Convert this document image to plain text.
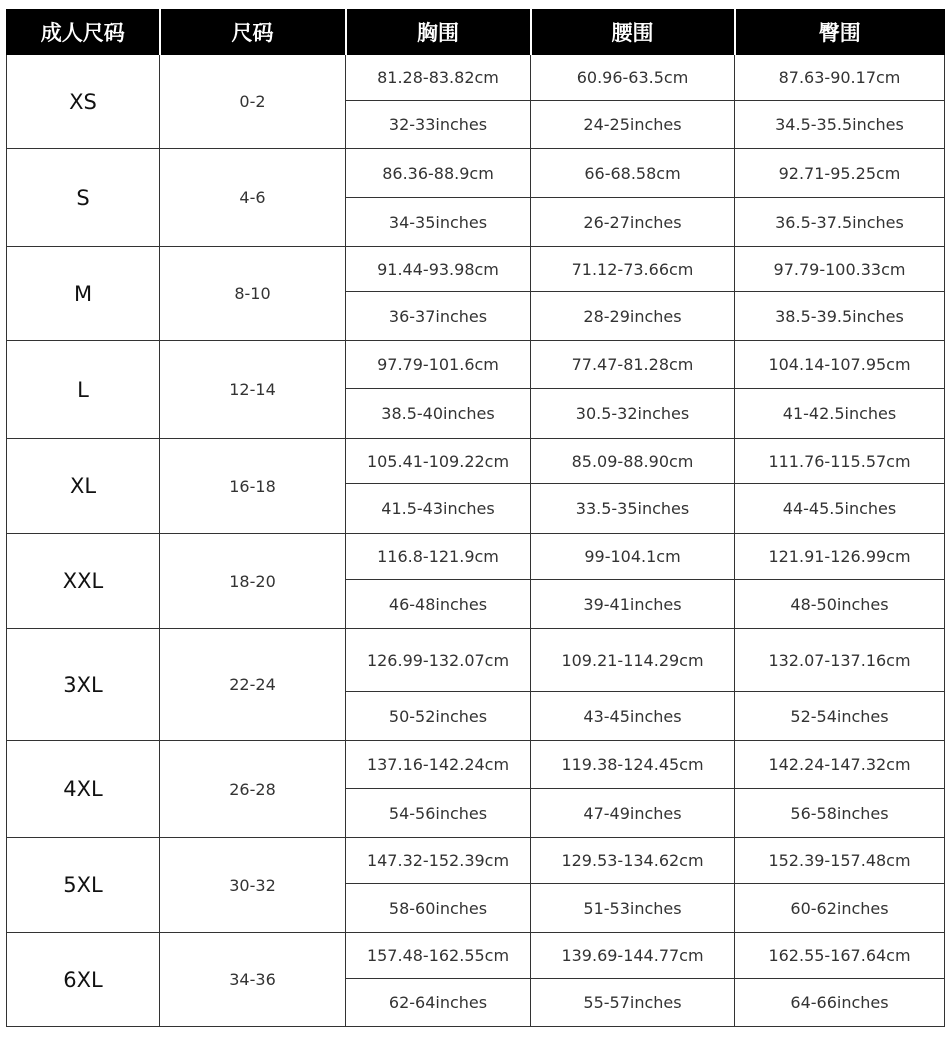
成人尺码	尺码	胸围	腰围	臀围
XS	0-2	81.28-83.82cm	60.96-63.5cm	87.63-90.17cm
		32-33inches	24-25inches	34.5-35.5inches
S	4-6	86.36-88.9cm	66-68.58cm	92.71-95.25cm
		34-35inches	26-27inches	36.5-37.5inches
M	8-10	91.44-93.98cm	71.12-73.66cm	97.79-100.33cm
		36-37inches	28-29inches	38.5-39.5inches
L	12-14	97.79-101.6cm	77.47-81.28cm	104.14-107.95cm
		38.5-40inches	30.5-32inches	41-42.5inches
XL	16-18	105.41-109.22cm	85.09-88.90cm	111.76-115.57cm
		41.5-43inches	33.5-35inches	44-45.5inches
XXL	18-20	116.8-121.9cm	99-104.1cm	121.91-126.99cm
		46-48inches	39-41inches	48-50inches
3XL	22-24	126.99-132.07cm	109.21-114.29cm	132.07-137.16cm
		50-52inches	43-45inches	52-54inches
4XL	26-28	137.16-142.24cm	119.38-124.45cm	142.24-147.32cm
		54-56inches	47-49inches	56-58inches
5XL	30-32	147.32-152.39cm	129.53-134.62cm	152.39-157.48cm
		58-60inches	51-53inches	60-62inches
6XL	34-36	157.48-162.55cm	139.69-144.77cm	162.55-167.64cm
		62-64inches	55-57inches	64-66inches
